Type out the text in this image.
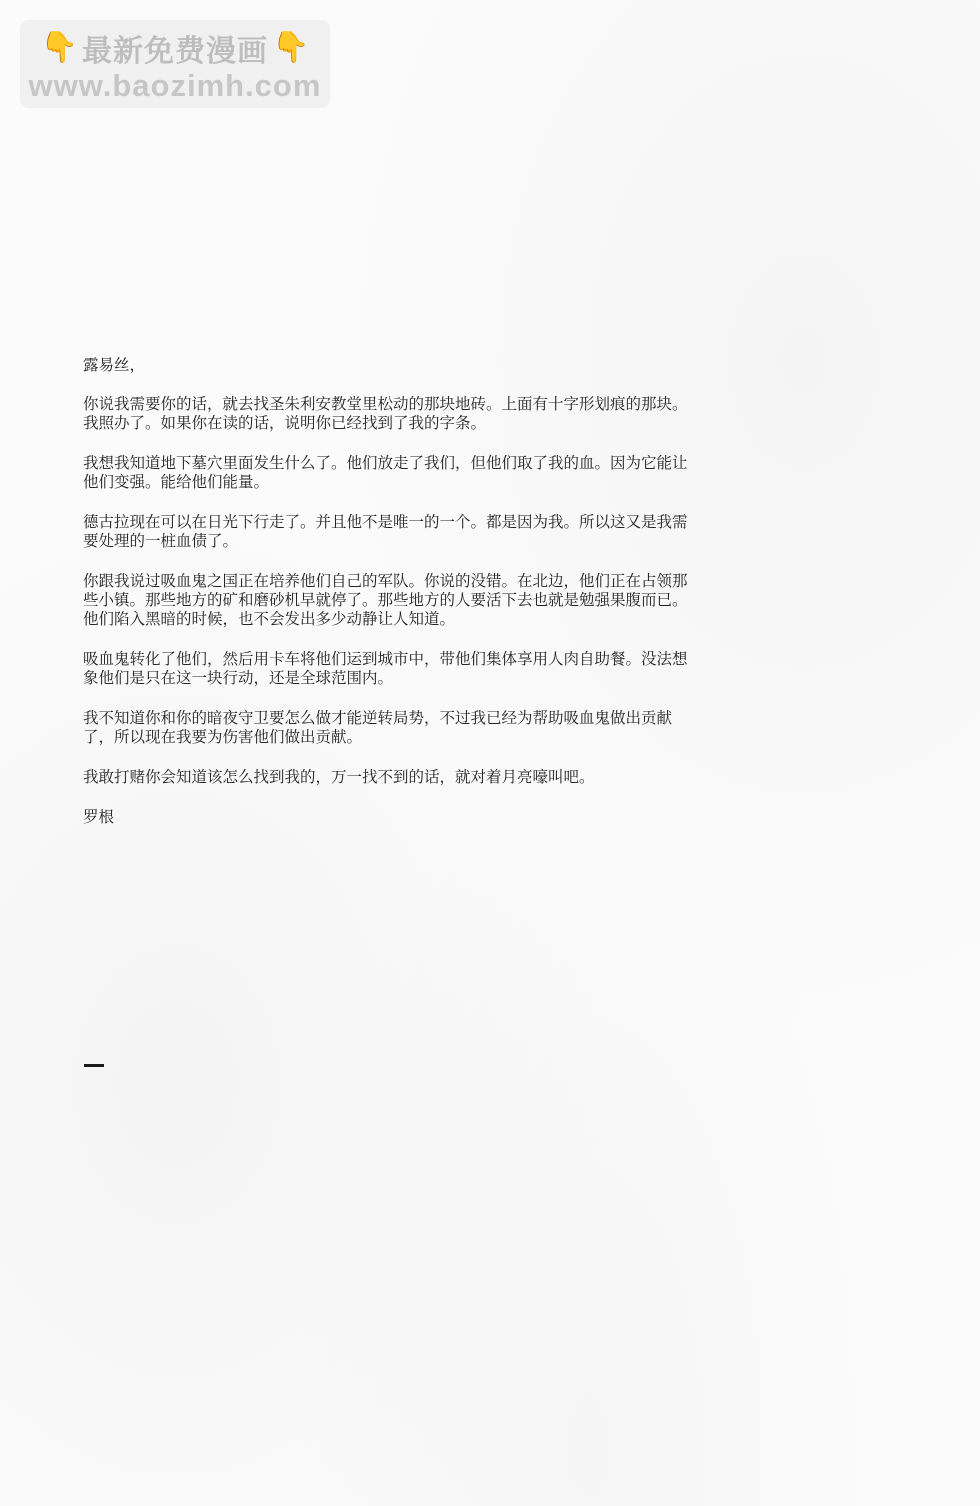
👇 最新免费漫画 👇
www.baozimh.com

露易丝，

你说我需要你的话，就去找圣朱利安教堂里松动的那块地砖。上面有十字形划痕的那块。
我照办了。如果你在读的话，说明你已经找到了我的字条。

我想我知道地下墓穴里面发生什么了。他们放走了我们，但他们取了我的血。因为它能让
他们变强。能给他们能量。

德古拉现在可以在日光下行走了。并且他不是唯一的一个。都是因为我。所以这又是我需
要处理的一桩血债了。

你跟我说过吸血鬼之国正在培养他们自己的军队。你说的没错。在北边，他们正在占领那
些小镇。那些地方的矿和磨砂机早就停了。那些地方的人要活下去也就是勉强果腹而已。
他们陷入黑暗的时候，也不会发出多少动静让人知道。

吸血鬼转化了他们，然后用卡车将他们运到城市中，带他们集体享用人肉自助餐。没法想
象他们是只在这一块行动，还是全球范围内。

我不知道你和你的暗夜守卫要怎么做才能逆转局势，不过我已经为帮助吸血鬼做出贡献
了，所以现在我要为伤害他们做出贡献。

我敢打赌你会知道该怎么找到我的，万一找不到的话，就对着月亮嚎叫吧。

罗根
